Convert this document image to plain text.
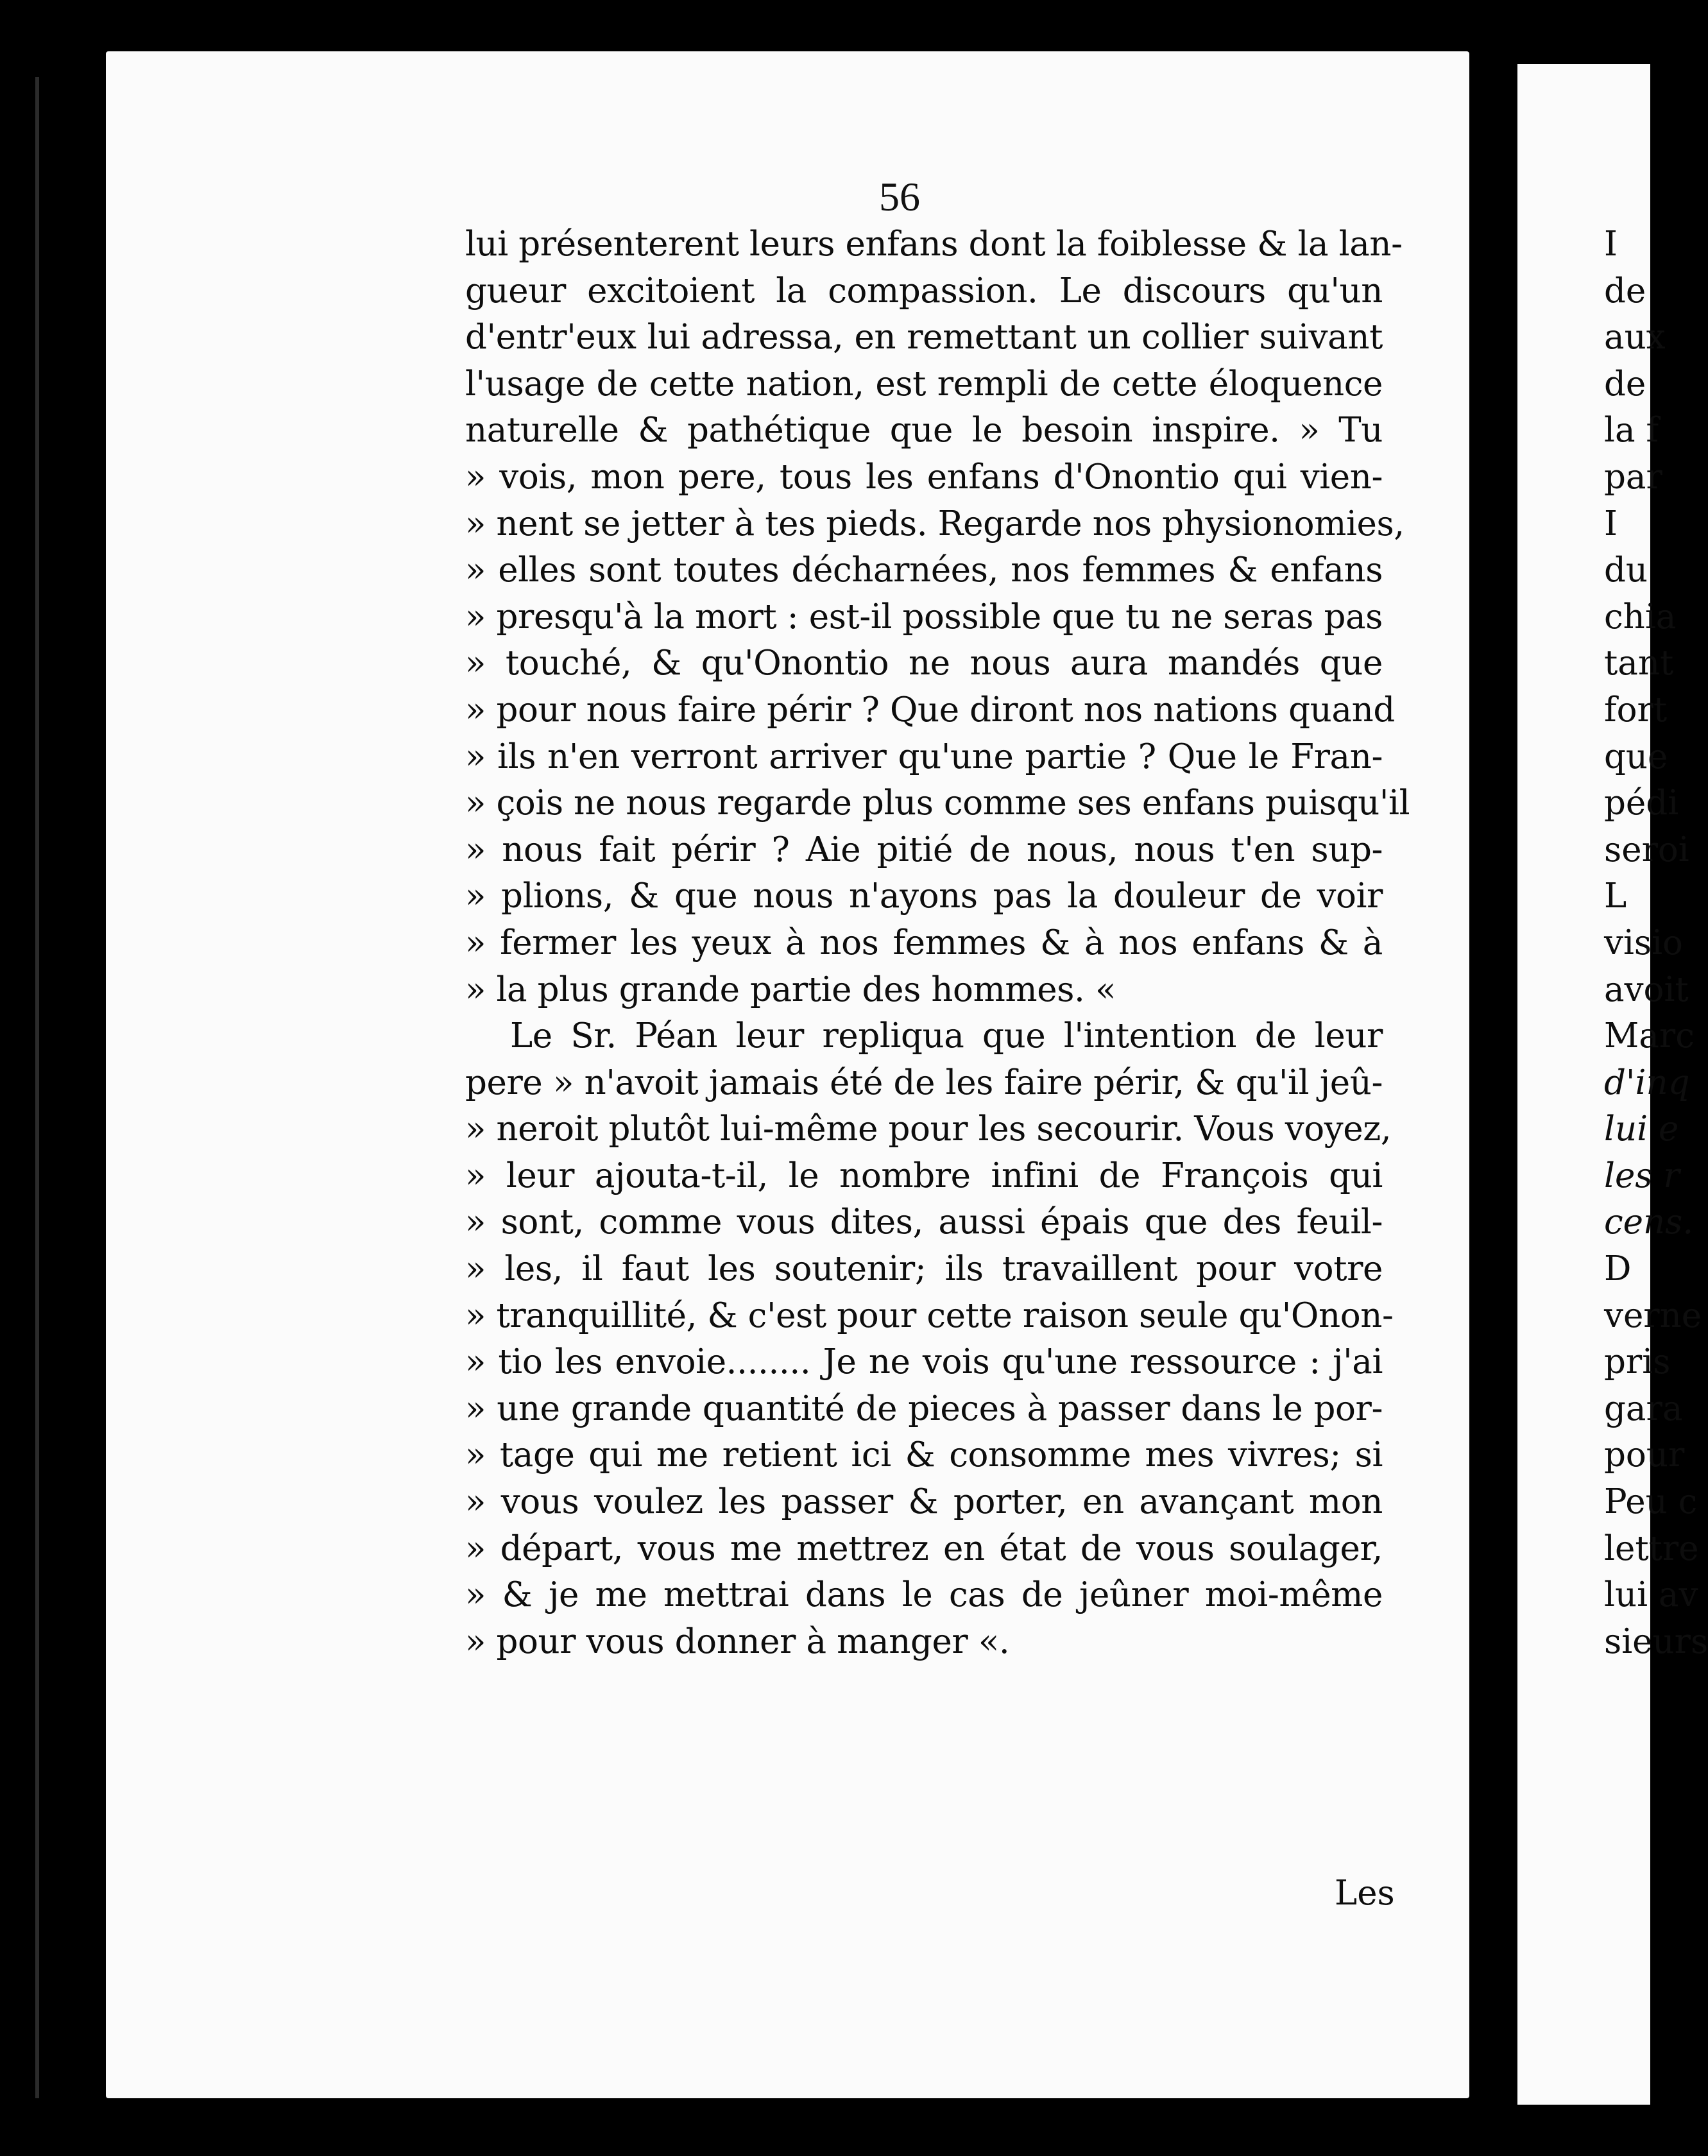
56
lui présenterent leurs enfans dont la foiblesse & la lan-
gueur excitoient la compassion. Le discours qu'un
d'entr'eux lui adressa, en remettant un collier suivant
l'usage de cette nation, est rempli de cette éloquence
naturelle & pathétique que le besoin inspire. » Tu
» vois, mon pere, tous les enfans d'Onontio qui vien-
» nent se jetter à tes pieds. Regarde nos physionomies,
» elles sont toutes décharnées, nos femmes & enfans
» presqu'à la mort : est-il possible que tu ne seras pas
» touché, & qu'Onontio ne nous aura mandés que
» pour nous faire périr ? Que diront nos nations quand
» ils n'en verront arriver qu'une partie ? Que le Fran-
» çois ne nous regarde plus comme ses enfans puisqu'il
» nous fait périr ? Aie pitié de nous, nous t'en sup-
» plions, & que nous n'ayons pas la douleur de voir
» fermer les yeux à nos femmes & à nos enfans & à
» la plus grande partie des hommes. «
Le Sr. Péan leur repliqua que l'intention de leur
pere » n'avoit jamais été de les faire périr, & qu'il jeû-
» neroit plutôt lui-même pour les secourir. Vous voyez,
» leur ajouta-t-il, le nombre infini de François qui
» sont, comme vous dites, aussi épais que des feuil-
» les, il faut les soutenir; ils travaillent pour votre
» tranquillité, & c'est pour cette raison seule qu'Onon-
» tio les envoie........ Je ne vois qu'une ressource : j'ai
» une grande quantité de pieces à passer dans le por-
» tage qui me retient ici & consomme mes vivres; si
» vous voulez les passer & porter, en avançant mon
» départ, vous me mettrez en état de vous soulager,
» & je me mettrai dans le cas de jeûner moi-même
» pour vous donner à manger «.
Les
I
de
aux
de
la f
par
I
du
chia
tant
fort
que
pédi
seroi
L
visio
avoit
Marc
d'inq
lui e
les r
cens.
D
verne
pris
gara
pour
Peu c
lettre
lui av
sieurs
